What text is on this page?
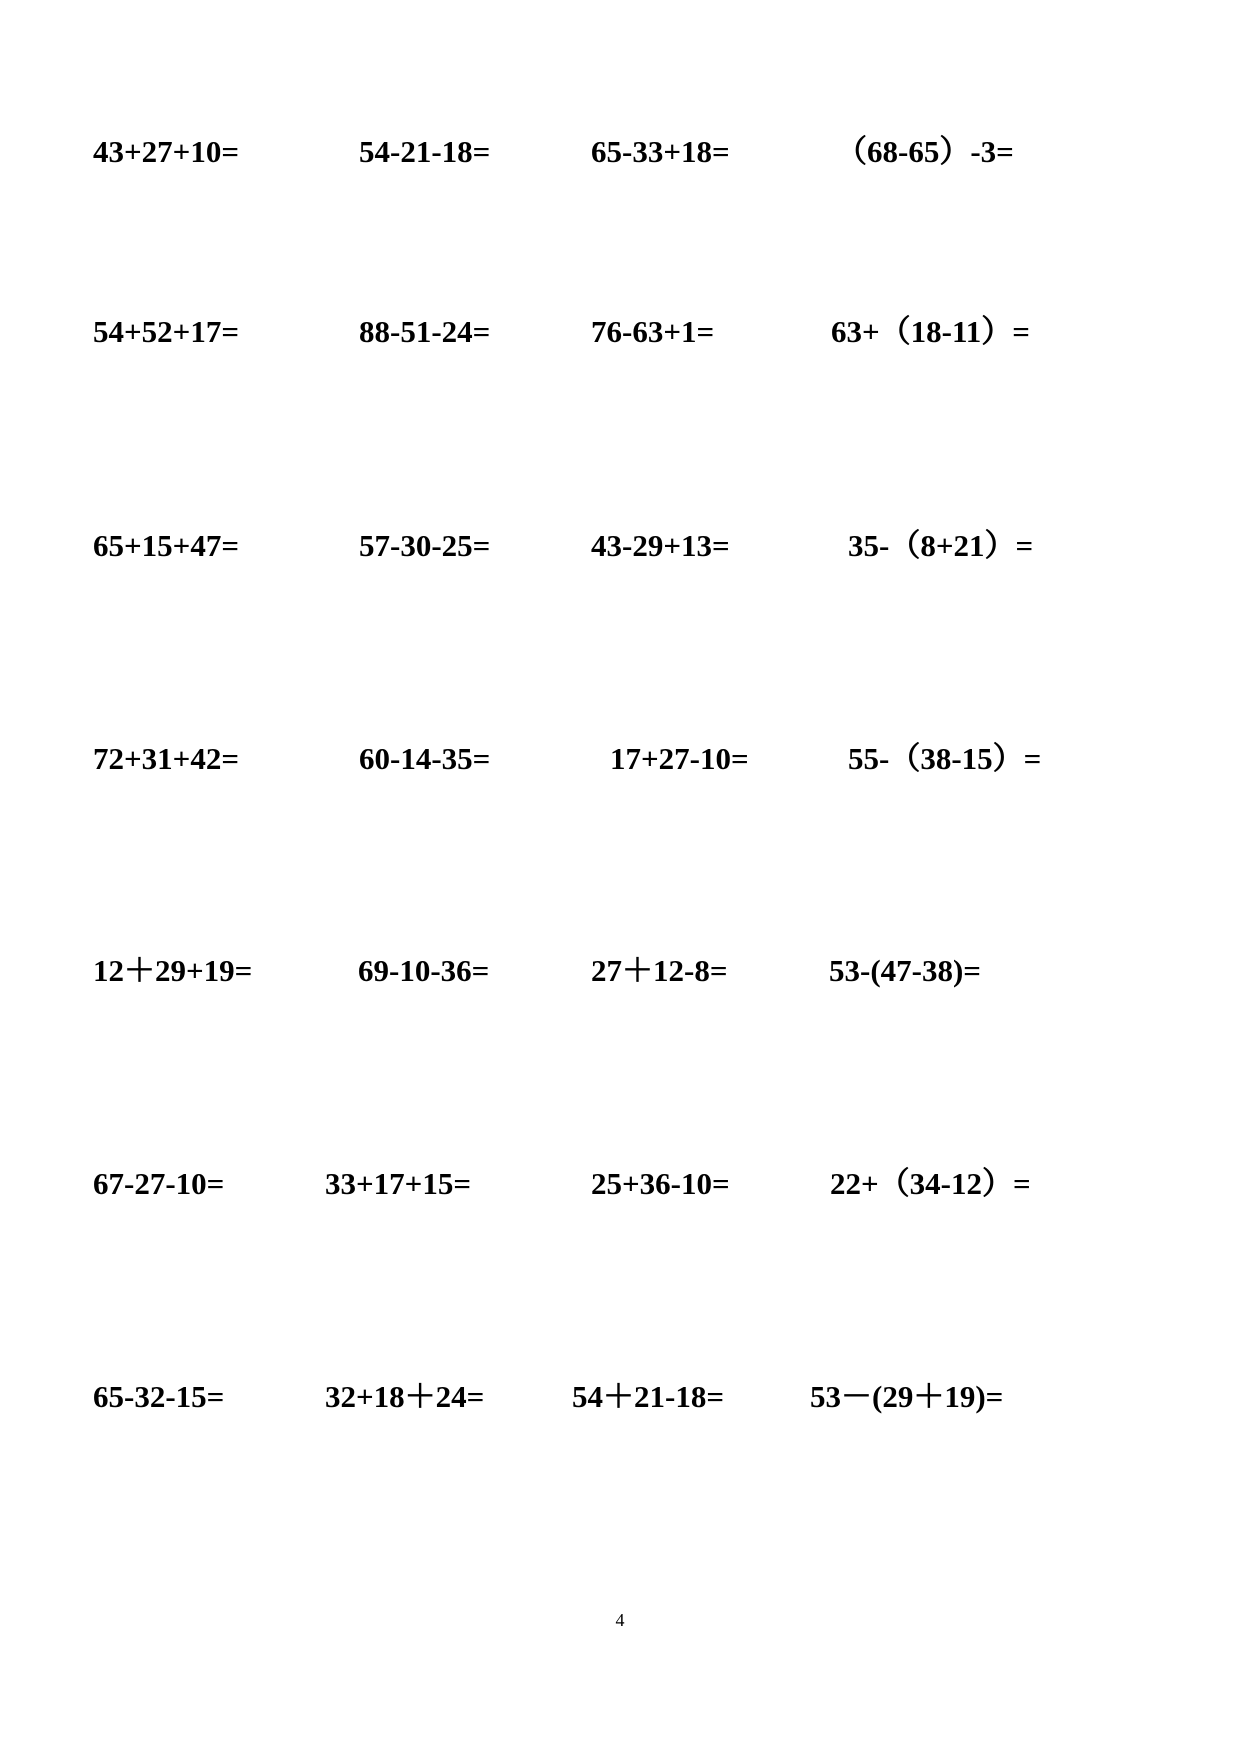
43+27+10=	54-21-18=	65-33+18=	（68-65）-3=
54+52+17=	88-51-24=	76-63+1=	63+（18-11）=
65+15+47=	57-30-25=	43-29+13=	35-（8+21）=
72+31+42=	60-14-35=	17+27-10=	55-（38-15）=
12＋29+19=	69-10-36=	27＋12-8=	53-(47-38)=
67-27-10=	33+17+15=	25+36-10=	22+（34-12）=
65-32-15=	32+18＋24=	54＋21-18=	53－(29＋19)=
4
